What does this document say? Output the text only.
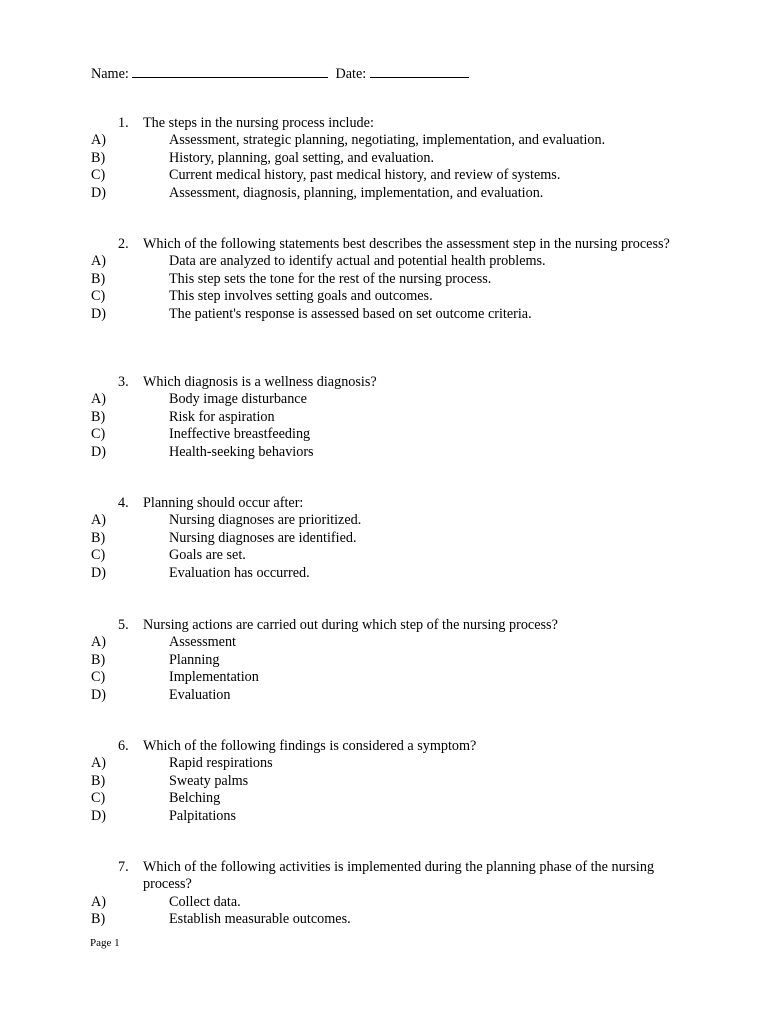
Name:	Date:
1. The steps in the nursing process include:
A)	Assessment, strategic planning, negotiating, implementation, and evaluation.
B)	History, planning, goal setting, and evaluation.
C)	Current medical history, past medical history, and review of systems.
D)	Assessment, diagnosis, planning, implementation, and evaluation.
2. Which of the following statements best describes the assessment step in the nursing process?
A)	Data are analyzed to identify actual and potential health problems.
B)	This step sets the tone for the rest of the nursing process.
C)	This step involves setting goals and outcomes.
D)	The patient's response is assessed based on set outcome criteria.
3. Which diagnosis is a wellness diagnosis?
A)	Body image disturbance
B)	Risk for aspiration
C)	Ineffective breastfeeding
D)	Health-seeking behaviors
4. Planning should occur after:
A)	Nursing diagnoses are prioritized.
B)	Nursing diagnoses are identified.
C)	Goals are set.
D)	Evaluation has occurred.
5. Nursing actions are carried out during which step of the nursing process?
A)	Assessment
B)	Planning
C)	Implementation
D)	Evaluation
6. Which of the following findings is considered a symptom?
A)	Rapid respirations
B)	Sweaty palms
C)	Belching
D)	Palpitations
7. Which of the following activities is implemented during the planning phase of the nursing process?
A)	Collect data.
B)	Establish measurable outcomes.
Page 1
